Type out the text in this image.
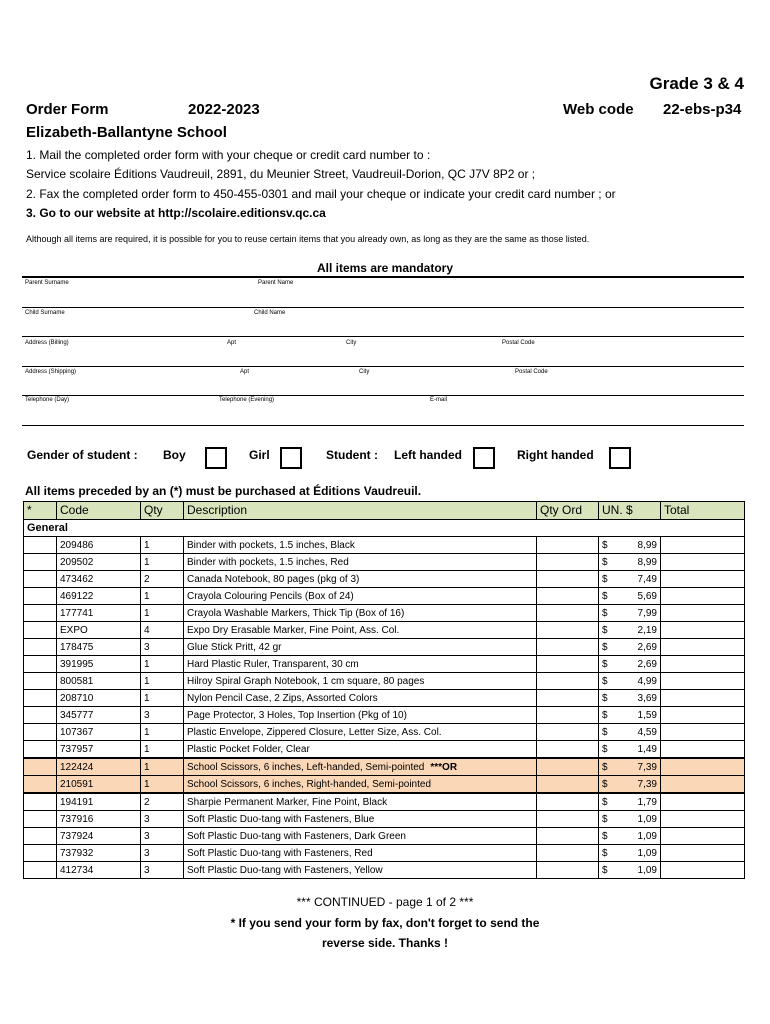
Grade 3 & 4
Order Form	2022-2023	Web code 22-ebs-p34
Elizabeth-Ballantyne School
1. Mail the completed order form with your cheque or credit card number to :
Service scolaire Éditions Vaudreuil, 2891, du Meunier Street, Vaudreuil-Dorion, QC J7V 8P2 or ;
2. Fax the completed order form to 450-455-0301 and mail your cheque or indicate your credit card number ; or
3. Go to our website at http://scolaire.editionsv.qc.ca
Although all items are required, it is possible for you to reuse certain items that you already own, as long as they are the same as those listed.
All items are mandatory
Parent Surname	Parent Name
Child Surname	Child Name
Address (Billing)	Apt	City	Postal Code
Address (Shipping)	Apt	City	Postal Code
Telephone (Day)	Telephone (Evening)	E-mail
Gender of student : Boy	Girl	Student : Left handed	Right handed
All items preceded by an (*) must be purchased at Éditions Vaudreuil.
*	Code	Qty	Description	Qty Ord	UN. $	Total
General						
	209486	1	Binder with pockets, 1.5 inches, Black		$ 8,99	

	209502	1	Binder with pockets, 1.5 inches, Red		$ 8,99	

	473462	2	Canada Notebook, 80 pages (pkg of 3)		$ 7,49	

	469122	1	Crayola Colouring Pencils (Box of 24)		$ 5,69	

	177741	1	Crayola Washable Markers, Thick Tip (Box of 16)		$ 7,99	

	EXPO	4	Expo Dry Erasable Marker, Fine Point, Ass. Col.		$ 2,19	

	178475	3	Glue Stick Pritt, 42 gr		$ 2,69	

	391995	1	Hard Plastic Ruler, Transparent, 30 cm		$ 2,69	

	800581	1	Hilroy Spiral Graph Notebook, 1 cm square, 80 pages		$ 4,99	

	208710	1	Nylon Pencil Case, 2 Zips, Assorted Colors		$ 3,69	

	345777	3	Page Protector, 3 Holes, Top Insertion (Pkg of 10)		$ 1,59	

	107367	1	Plastic Envelope, Zippered Closure, Letter Size, Ass. Col.		$ 4,59	

	737957	1	Plastic Pocket Folder, Clear		$ 1,49	

	122424	1	School Scissors, 6 inches, Left-handed, Semi-pointed ***OR		$ 7,39	

	210591	1	School Scissors, 6 inches, Right-handed, Semi-pointed		$ 7,39	

	194191	2	Sharpie Permanent Marker, Fine Point, Black		$ 1,79	

	737916	3	Soft Plastic Duo-tang with Fasteners, Blue		$ 1,09	

	737924	3	Soft Plastic Duo-tang with Fasteners, Dark Green		$ 1,09	

	737932	3	Soft Plastic Duo-tang with Fasteners, Red		$ 1,09	

	412734	3	Soft Plastic Duo-tang with Fasteners, Yellow		$ 1,09	

*** CONTINUED - page 1 of 2 ***
* If you send your form by fax, don't forget to send the
reverse side. Thanks !
